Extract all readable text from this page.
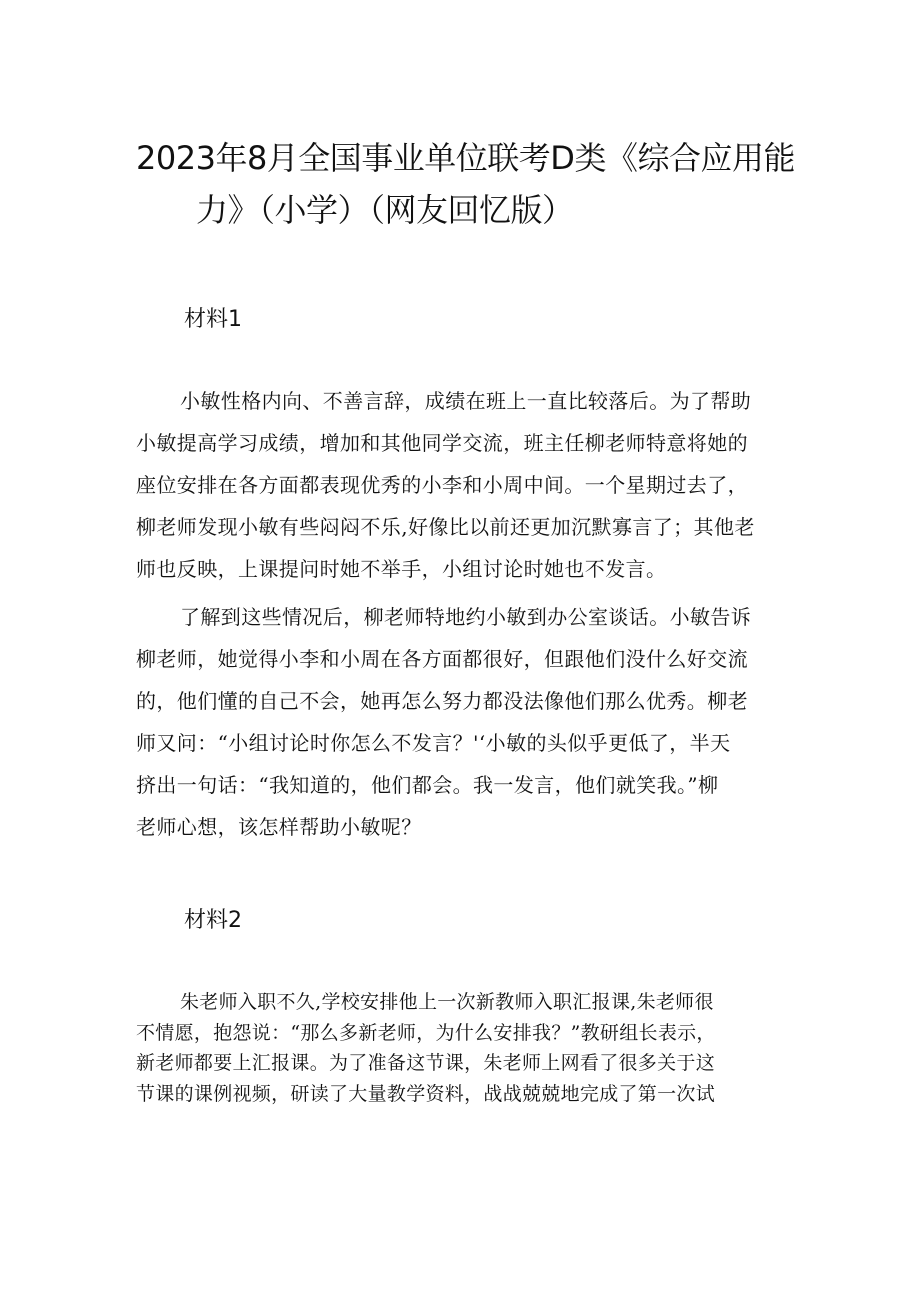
2023年8月全国事业单位联考D类《综合应用能
力》（小学）（网友回忆版）
材料1
小敏性格内向、不善言辞，成绩在班上一直比较落后。为了帮助
小敏提高学习成绩，增加和其他同学交流，班主任柳老师特意将她的
座位安排在各方面都表现优秀的小李和小周中间。一个星期过去了，
柳老师发现小敏有些闷闷不乐,好像比以前还更加沉默寡言了；其他老
师也反映，上课提问时她不举手，小组讨论时她也不发言。
了解到这些情况后，柳老师特地约小敏到办公室谈话。小敏告诉
柳老师，她觉得小李和小周在各方面都很好，但跟他们没什么好交流
的，他们懂的自己不会，她再怎么努力都没法像他们那么优秀。柳老
师又问：“小组讨论时你怎么不发言？'‘小敏的头似乎更低了，半天
挤出一句话：“我知道的，他们都会。我一发言，他们就笑我。”柳
老师心想，该怎样帮助小敏呢？
材料2
朱老师入职不久,学校安排他上一次新教师入职汇报课,朱老师很
不情愿，抱怨说：“那么多新老师，为什么安排我？”教研组长表示，
新老师都要上汇报课。为了准备这节课，朱老师上网看了很多关于这
节课的课例视频，研读了大量教学资料，战战兢兢地完成了第一次试
